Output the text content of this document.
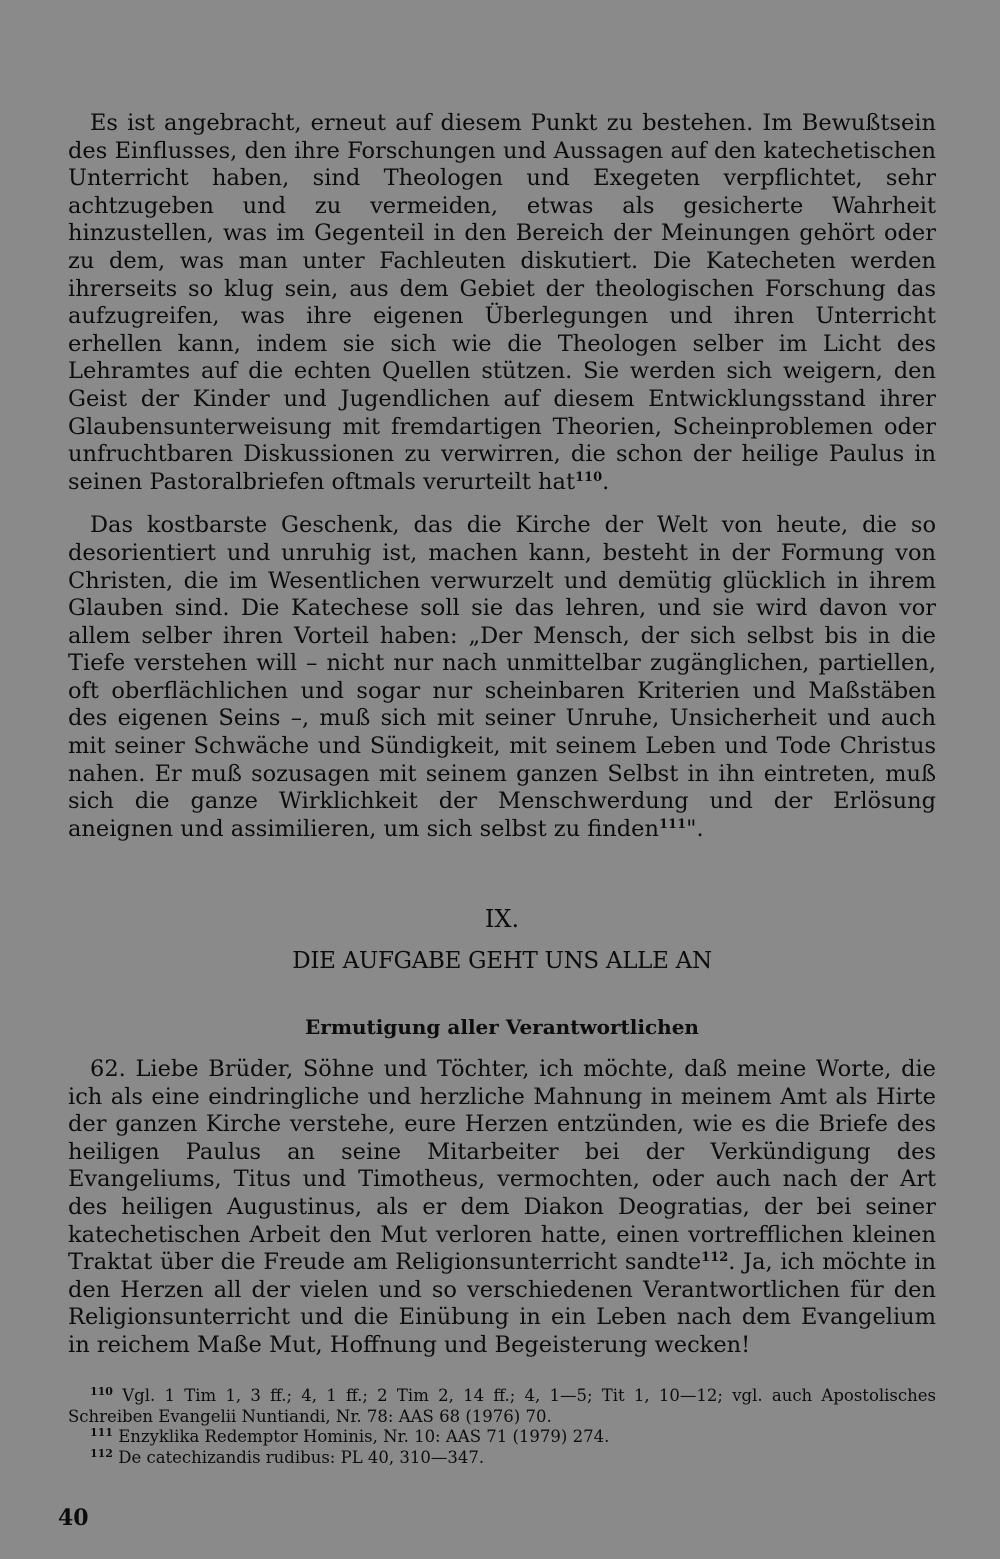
Es ist angebracht, erneut auf diesem Punkt zu bestehen. Im Bewußtsein des Einflusses, den ihre Forschungen und Aussagen auf den katechetischen Unterricht haben, sind Theologen und Exegeten verpflichtet, sehr achtzugeben und zu vermeiden, etwas als gesicherte Wahrheit hinzustellen, was im Gegenteil in den Bereich der Meinungen gehört oder zu dem, was man unter Fachleuten diskutiert. Die Katecheten werden ihrerseits so klug sein, aus dem Gebiet der theologischen Forschung das aufzugreifen, was ihre eigenen Überlegungen und ihren Unterricht erhellen kann, indem sie sich wie die Theologen selber im Licht des Lehramtes auf die echten Quellen stützen. Sie werden sich weigern, den Geist der Kinder und Jugendlichen auf diesem Entwicklungsstand ihrer Glaubensunterweisung mit fremdartigen Theorien, Scheinproblemen oder unfruchtbaren Diskussionen zu verwirren, die schon der heilige Paulus in seinen Pastoralbriefen oftmals verurteilt hat$^{110}$.

Das kostbarste Geschenk, das die Kirche der Welt von heute, die so desorientiert und unruhig ist, machen kann, besteht in der Formung von Christen, die im Wesentlichen verwurzelt und demütig glücklich in ihrem Glauben sind. Die Katechese soll sie das lehren, und sie wird davon vor allem selber ihren Vorteil haben: „Der Mensch, der sich selbst bis in die Tiefe verstehen will – nicht nur nach unmittelbar zugänglichen, partiellen, oft oberflächlichen und sogar nur scheinbaren Kriterien und Maßstäben des eigenen Seins –, muß sich mit seiner Unruhe, Unsicherheit und auch mit seiner Schwäche und Sündigkeit, mit seinem Leben und Tode Christus nahen. Er muß sozusagen mit seinem ganzen Selbst in ihn eintreten, muß sich die ganze Wirklichkeit der Menschwerdung und der Erlösung aneignen und assimilieren, um sich selbst zu finden$^{111}$".

IX.
DIE AUFGABE GEHT UNS ALLE AN
Ermutigung aller Verantwortlichen

62. Liebe Brüder, Söhne und Töchter, ich möchte, daß meine Worte, die ich als eine eindringliche und herzliche Mahnung in meinem Amt als Hirte der ganzen Kirche verstehe, eure Herzen entzünden, wie es die Briefe des heiligen Paulus an seine Mitarbeiter bei der Verkündigung des Evangeliums, Titus und Timotheus, vermochten, oder auch nach der Art des heiligen Augustinus, als er dem Diakon Deogratias, der bei seiner katechetischen Arbeit den Mut verloren hatte, einen vortrefflichen kleinen Traktat über die Freude am Religionsunterricht sandte$^{112}$. Ja, ich möchte in den Herzen all der vielen und so verschiedenen Verantwortlichen für den Religionsunterricht und die Einübung in ein Leben nach dem Evangelium in reichem Maße Mut, Hoffnung und Begeisterung wecken!

$^{110}$ Vgl. 1 Tim 1, 3 ff.; 4, 1 ff.; 2 Tim 2, 14 ff.; 4, 1—5; Tit 1, 10—12; vgl. auch Apostolisches Schreiben Evangelii Nuntiandi, Nr. 78: AAS 68 (1976) 70.

$^{111}$ Enzyklika Redemptor Hominis, Nr. 10: AAS 71 (1979) 274.

$^{112}$ De catechizandis rudibus: PL 40, 310—347.

40
